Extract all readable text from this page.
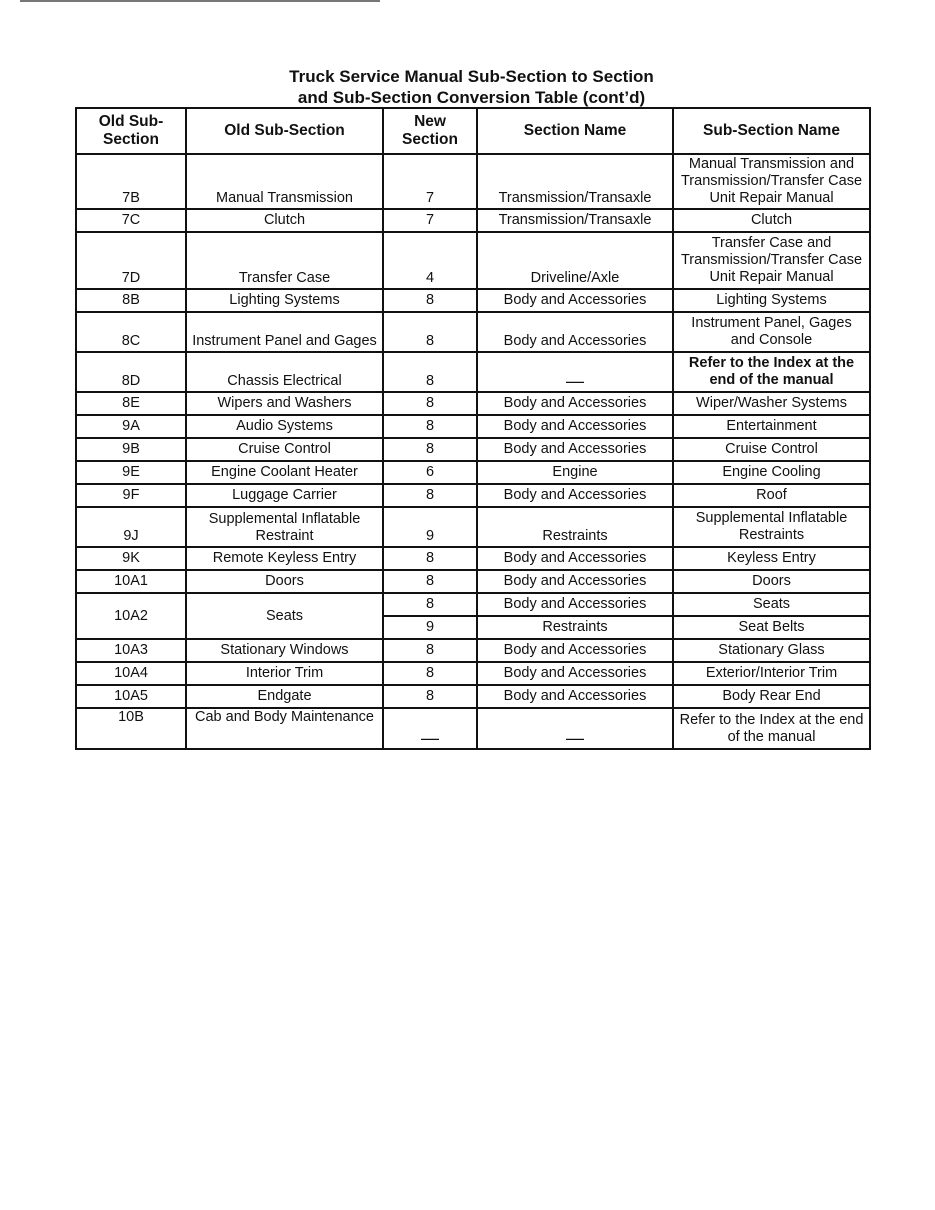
Truck Service Manual Sub-Section to Section
and Sub-Section Conversion Table (cont’d)
Old Sub-Section	Old Sub-Section	New Section	Section Name	Sub-Section Name
7B	Manual Transmission	7	Transmission/Transaxle	Manual Transmission and Transmission/Transfer Case Unit Repair Manual
7C	Clutch	7	Transmission/Transaxle	Clutch
7D	Transfer Case	4	Driveline/Axle	Transfer Case and Transmission/Transfer Case Unit Repair Manual
8B	Lighting Systems	8	Body and Accessories	Lighting Systems
8C	Instrument Panel and Gages	8	Body and Accessories	Instrument Panel, Gages and Console
8D	Chassis Electrical	8	—	Refer to the Index at the end of the manual
8E	Wipers and Washers	8	Body and Accessories	Wiper/Washer Systems
9A	Audio Systems	8	Body and Accessories	Entertainment
9B	Cruise Control	8	Body and Accessories	Cruise Control
9E	Engine Coolant Heater	6	Engine	Engine Cooling
9F	Luggage Carrier	8	Body and Accessories	Roof
9J	Supplemental Inflatable Restraint	9	Restraints	Supplemental Inflatable Restraints
9K	Remote Keyless Entry	8	Body and Accessories	Keyless Entry
10A1	Doors	8	Body and Accessories	Doors
10A2	Seats	8	Body and Accessories	Seats
		9	Restraints	Seat Belts
10A3	Stationary Windows	8	Body and Accessories	Stationary Glass
10A4	Interior Trim	8	Body and Accessories	Exterior/Interior Trim
10A5	Endgate	8	Body and Accessories	Body Rear End
10B	Cab and Body Maintenance	—	—	Refer to the Index at the end of the manual
